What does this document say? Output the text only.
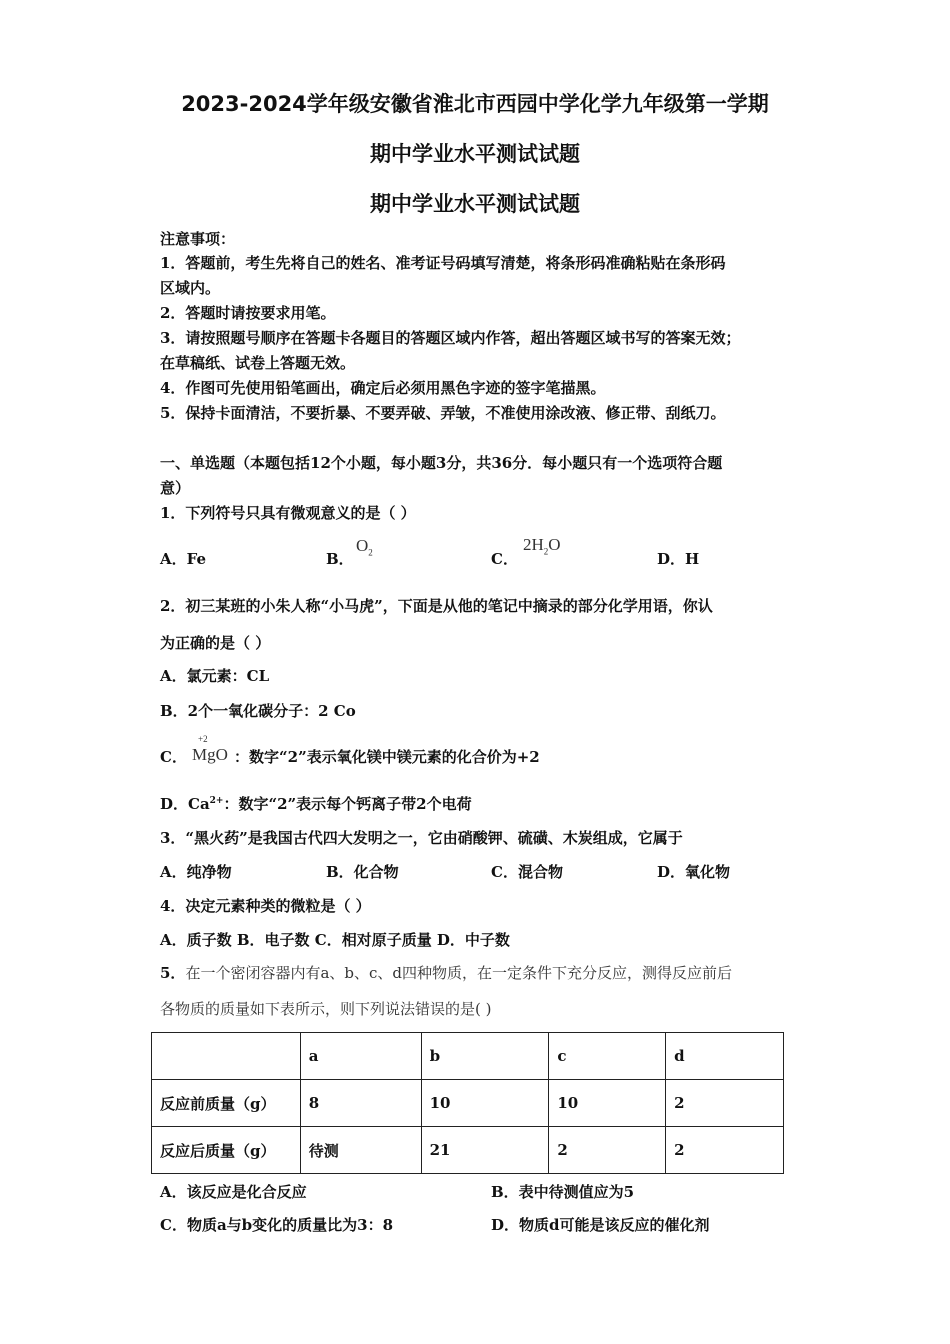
2023-2024学年级安徽省淮北市西园中学化学九年级第一学期
期中学业水平测试试题
期中学业水平测试试题
注意事项：
1．答题前，考生先将自己的姓名、准考证号码填写清楚，将条形码准确粘贴在条形码
区域内。
2．答题时请按要求用笔。
3．请按照题号顺序在答题卡各题目的答题区域内作答，超出答题区域书写的答案无效；
在草稿纸、试卷上答题无效。
4．作图可先使用铅笔画出，确定后必须用黑色字迹的签字笔描黑。
5．保持卡面清洁，不要折暴、不要弄破、弄皱，不准使用涂改液、修正带、刮纸刀。
一、单选题（本题包括12个小题，每小题3分，共36分．每小题只有一个选项符合题
意）
1．下列符号只具有微观意义的是（ ）
A．Fe	B．
$O_2$	C．
$2H_2O$
D．H
2．初三某班的小朱人称“小马虎”，下面是从他的笔记中摘录的部分化学用语，你认
为正确的是（ ）
A．氯元素：CL
B．2个一氧化碳分子：2 Co
C．
+2
MgO ：数字“2”表示氧化镁中镁元素的化合价为+2
D．$Ca^{2+}$：数字“2”表示每个钙离子带2个电荷
3．“黑火药”是我国古代四大发明之一，它由硝酸钾、硫磺、木炭组成，它属于
A．纯净物	B．化合物	C．混合物	D．氧化物
4．决定元素种类的微粒是（ ）
A．质子数 B．电子数 C．相对原子质量 D．中子数
5．在一个密闭容器内有a、b、c、d四种物质，在一定条件下充分反应，测得反应前后
各物质的质量如下表所示，则下列说法错误的是( )
	a	b	c	d
反应前质量（g）	8	10	10	2
反应后质量（g）	待测	21	2	2
A．该反应是化合反应	B．表中待测值应为5
C．物质a与b变化的质量比为3：8	D．物质d可能是该反应的催化剂
